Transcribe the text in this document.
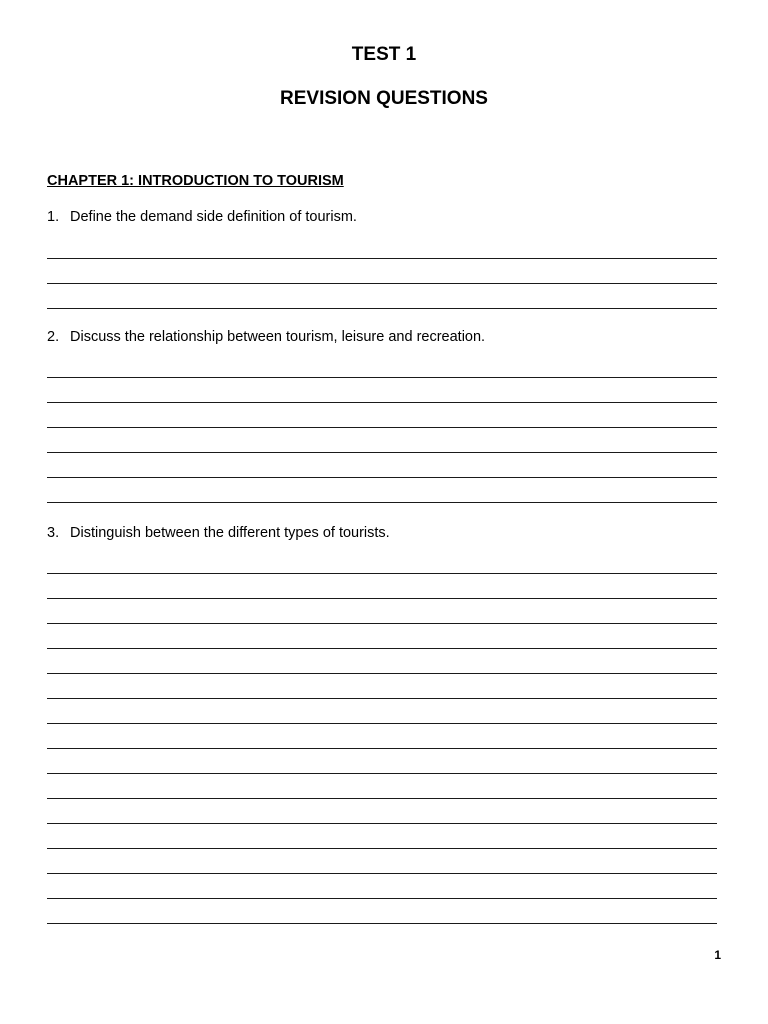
TEST 1
REVISION QUESTIONS
CHAPTER 1: INTRODUCTION TO TOURISM
1. Define the demand side definition of tourism.
2. Discuss the relationship between tourism, leisure and recreation.
3. Distinguish between the different types of tourists.
1
